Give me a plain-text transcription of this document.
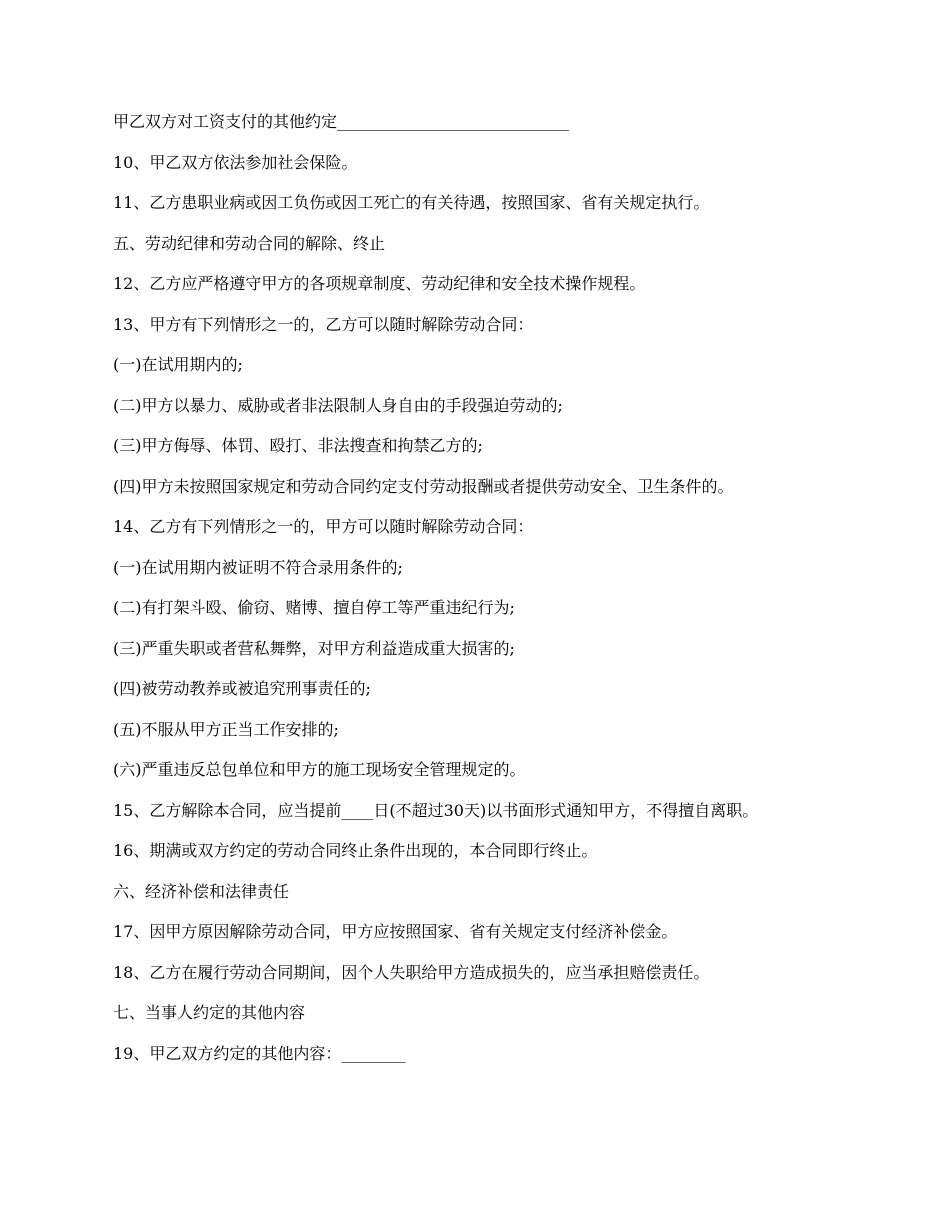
甲乙双方对工资支付的其他约定_____________________________

10、甲乙双方依法参加社会保险。

11、乙方患职业病或因工负伤或因工死亡的有关待遇，按照国家、省有关规定执行。

五、劳动纪律和劳动合同的解除、终止

12、乙方应严格遵守甲方的各项规章制度、劳动纪律和安全技术操作规程。

13、甲方有下列情形之一的，乙方可以随时解除劳动合同：

(一)在试用期内的;

(二)甲方以暴力、威胁或者非法限制人身自由的手段强迫劳动的;

(三)甲方侮辱、体罚、殴打、非法搜查和拘禁乙方的;

(四)甲方未按照国家规定和劳动合同约定支付劳动报酬或者提供劳动安全、卫生条件的。

14、乙方有下列情形之一的，甲方可以随时解除劳动合同：

(一)在试用期内被证明不符合录用条件的;

(二)有打架斗殴、偷窃、赌博、擅自停工等严重违纪行为;

(三)严重失职或者营私舞弊，对甲方利益造成重大损害的;

(四)被劳动教养或被追究刑事责任的;

(五)不服从甲方正当工作安排的;

(六)严重违反总包单位和甲方的施工现场安全管理规定的。

15、乙方解除本合同，应当提前____日(不超过30天)以书面形式通知甲方，不得擅自离职。

16、期满或双方约定的劳动合同终止条件出现的，本合同即行终止。

六、经济补偿和法律责任

17、因甲方原因解除劳动合同，甲方应按照国家、省有关规定支付经济补偿金。

18、乙方在履行劳动合同期间，因个人失职给甲方造成损失的，应当承担赔偿责任。

七、当事人约定的其他内容

19、甲乙双方约定的其他内容：________
